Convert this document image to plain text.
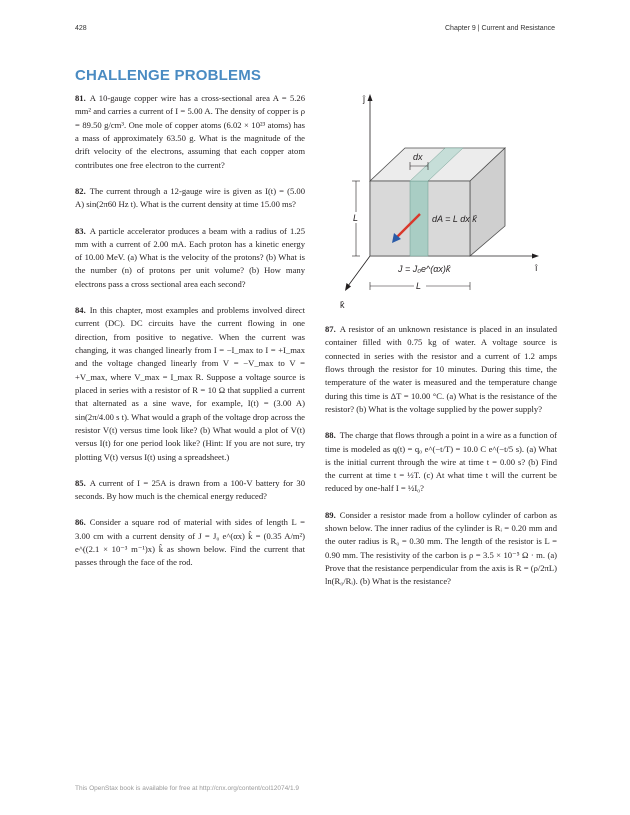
428	Chapter 9 | Current and Resistance
CHALLENGE PROBLEMS

81. A 10-gauge copper wire has a cross-sectional area A = 5.26 mm² and carries a current of I = 5.00 A. The density of copper is ρ = 89.50 g/cm³. One mole of copper atoms (6.02 × 10²³ atoms) has a mass of approximately 63.50 g. What is the magnitude of the drift velocity of the electrons, assuming that each copper atom contributes one free electron to the current?

82. The current through a 12-gauge wire is given as I(t) = (5.00 A) sin(2π60 Hz t). What is the current density at time 15.00 ms?

83. A particle accelerator produces a beam with a radius of 1.25 mm with a current of 2.00 mA. Each proton has a kinetic energy of 10.00 MeV. (a) What is the velocity of the protons? (b) What is the number (n) of protons per unit volume? (b) How many electrons pass a cross sectional area each second?

84. In this chapter, most examples and problems involved direct current (DC). DC circuits have the current flowing in one direction, from positive to negative. When the current was changing, it was changed linearly from I = −I_max to I = +I_max and the voltage changed linearly from V = −V_max to V = +V_max, where V_max = I_max R. Suppose a voltage source is placed in series with a resistor of R = 10 Ω that supplied a current that alternated as a sine wave, for example, I(t) = (3.00 A) sin(2π/4.00 s t). What would a graph of the voltage drop across the resistor V(t) versus time look like? (b) What would a plot of V(t) versus I(t) for one period look like? (Hint: If you are not sure, try plotting V(t) versus I(t) using a spreadsheet.)

85. A current of I = 25A is drawn from a 100-V battery for 30 seconds. By how much is the chemical energy reduced?

86. Consider a square rod of material with sides of length L = 3.00 cm with a current density of J = J₀ e^(αx) k̂ = (0.35 A/m²) e^((2.1 × 10⁻³ m⁻¹)x) k̂ as shown below. Find the current that passes through the face of the rod.

ĵ
î
k̂
dx
L
L
dA = L dx k̂
J = J₀e^(αx)k̂

87. A resistor of an unknown resistance is placed in an insulated container filled with 0.75 kg of water. A voltage source is connected in series with the resistor and a current of 1.2 amps flows through the resistor for 10 minutes. During this time, the temperature of the water is measured and the temperature change during this time is ΔT = 10.00 °C. (a) What is the resistance of the resistor? (b) What is the voltage supplied by the power supply?

88. The charge that flows through a point in a wire as a function of time is modeled as q(t) = q₀ e^(−t/T) = 10.0 C e^(−t/5 s). (a) What is the initial current through the wire at time t = 0.00 s? (b) Find the current at time t = ½T. (c) At what time t will the current be reduced by one-half I = ½I₀?

89. Consider a resistor made from a hollow cylinder of carbon as shown below. The inner radius of the cylinder is Rᵢ = 0.20 mm and the outer radius is R₀ = 0.30 mm. The length of the resistor is L = 0.90 mm. The resistivity of the carbon is ρ = 3.5 × 10⁻⁵ Ω · m. (a) Prove that the resistance perpendicular from the axis is R = (ρ/2πL) ln(R₀/Rᵢ). (b) What is the resistance?

This OpenStax book is available for free at http://cnx.org/content/col12074/1.9
